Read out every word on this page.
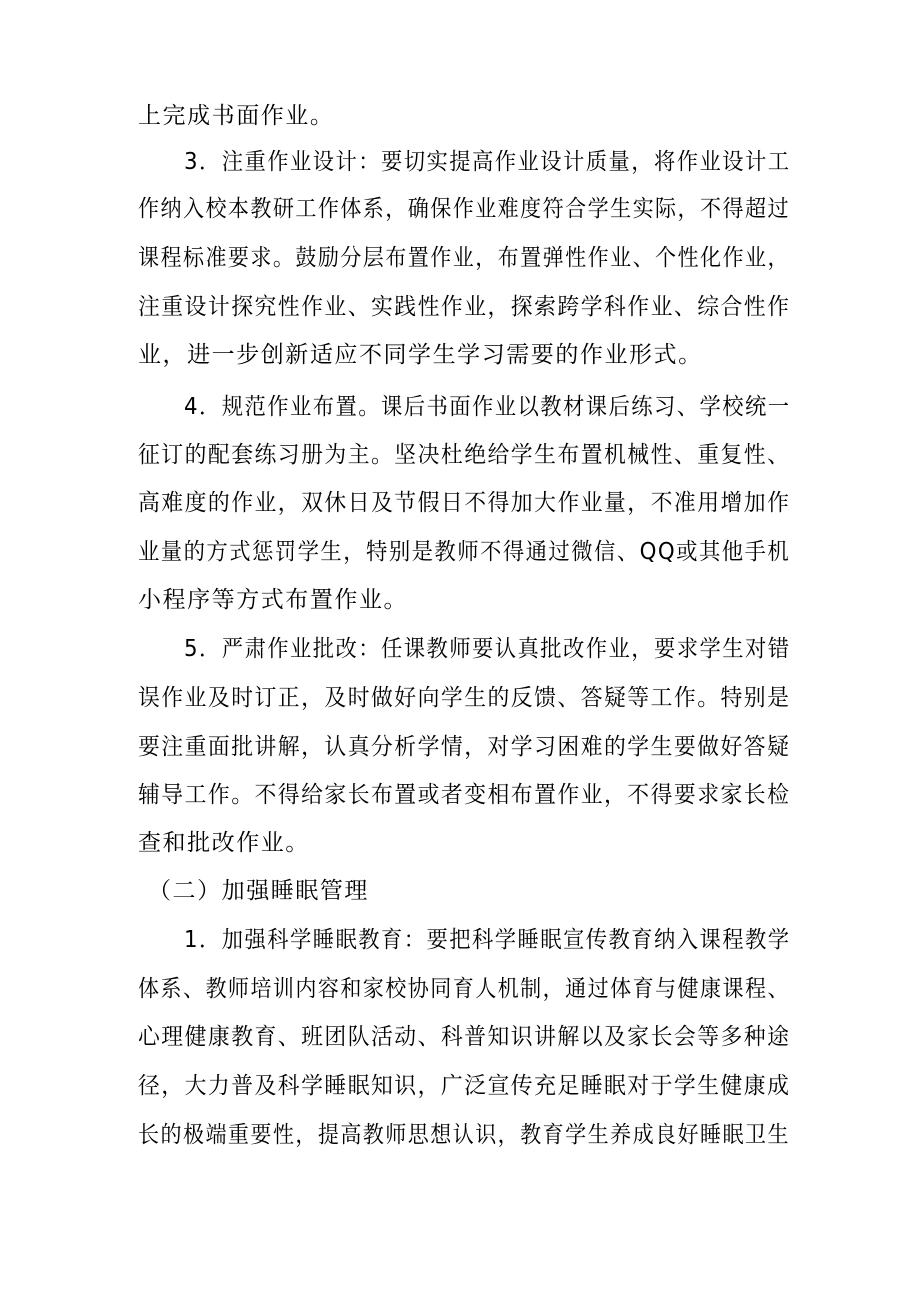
上完成书面作业。
3．注重作业设计：要切实提高作业设计质量，将作业设计工
作纳入校本教研工作体系，确保作业难度符合学生实际，不得超过
课程标准要求。鼓励分层布置作业，布置弹性作业、个性化作业，
注重设计探究性作业、实践性作业，探索跨学科作业、综合性作
业，进一步创新适应不同学生学习需要的作业形式。
4．规范作业布置。课后书面作业以教材课后练习、学校统一
征订的配套练习册为主。坚决杜绝给学生布置机械性、重复性、
高难度的作业，双休日及节假日不得加大作业量，不准用增加作
业量的方式惩罚学生，特别是教师不得通过微信、QQ或其他手机
小程序等方式布置作业。
5．严肃作业批改：任课教师要认真批改作业，要求学生对错
误作业及时订正，及时做好向学生的反馈、答疑等工作。特别是
要注重面批讲解，认真分析学情，对学习困难的学生要做好答疑
辅导工作。不得给家长布置或者变相布置作业，不得要求家长检
查和批改作业。
（二）加强睡眠管理
1．加强科学睡眠教育：要把科学睡眠宣传教育纳入课程教学
体系、教师培训内容和家校协同育人机制，通过体育与健康课程、
心理健康教育、班团队活动、科普知识讲解以及家长会等多种途
径，大力普及科学睡眠知识，广泛宣传充足睡眠对于学生健康成
长的极端重要性，提高教师思想认识，教育学生养成良好睡眠卫生
